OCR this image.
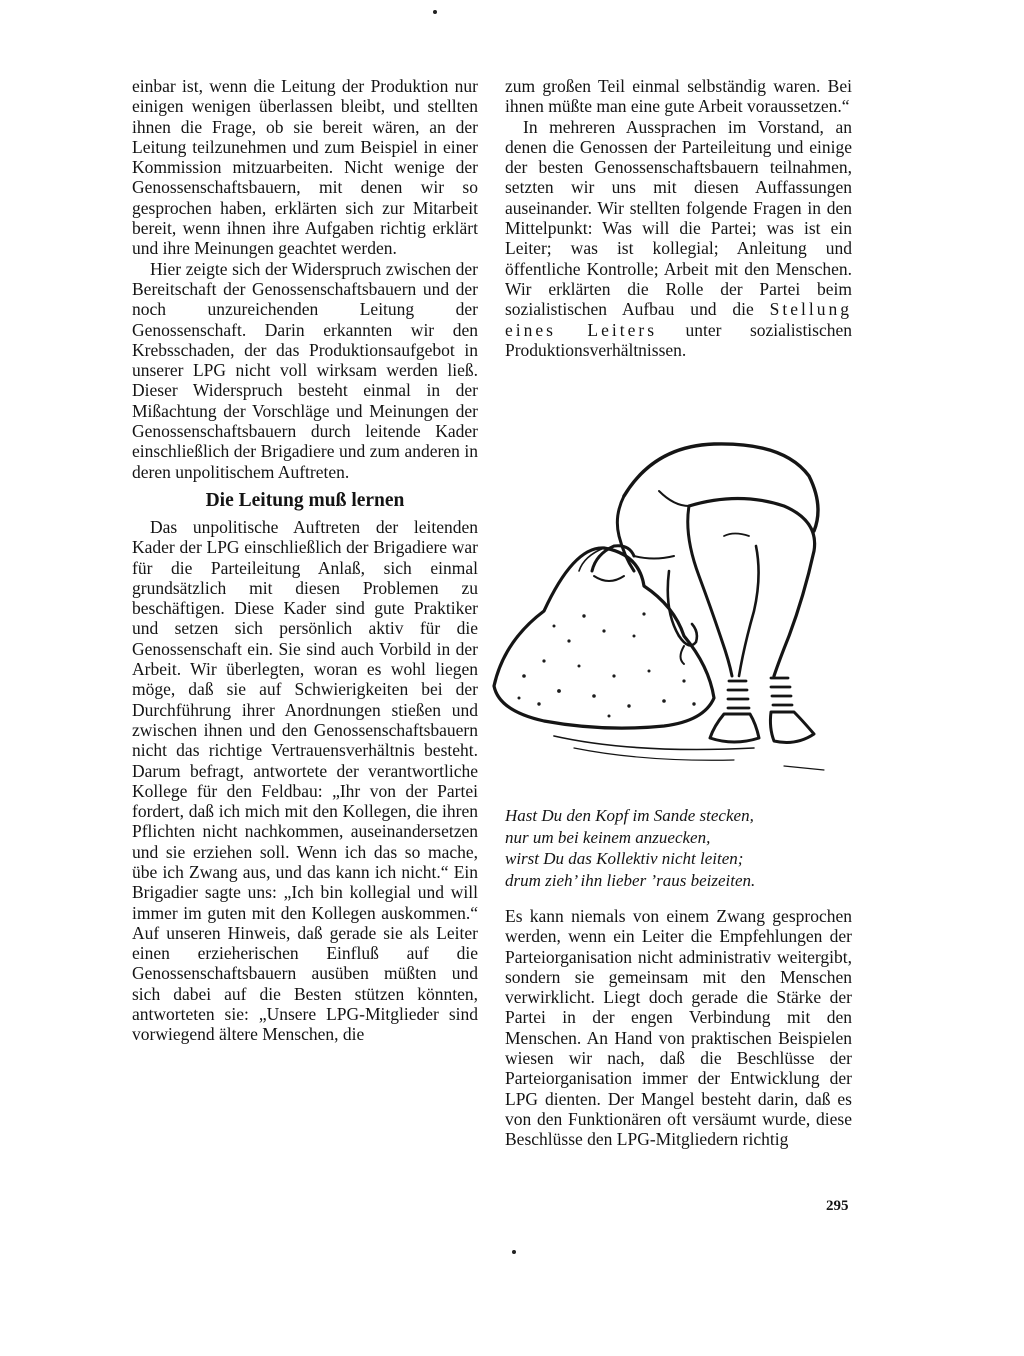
einbar ist, wenn die Leitung der Produktion nur einigen wenigen überlassen bleibt, und stellten ihnen die Frage, ob sie bereit wären, an der Leitung teilzunehmen und zum Beispiel in einer Kommission mitzuarbeiten. Nicht wenige der Genossenschaftsbauern, mit denen wir so gesprochen haben, erklärten sich zur Mitarbeit bereit, wenn ihnen ihre Aufgaben richtig erklärt und ihre Meinungen geachtet werden.

Hier zeigte sich der Widerspruch zwischen der Bereitschaft der Genossenschaftsbauern und der noch unzureichenden Leitung der Genossenschaft. Darin erkannten wir den Krebsschaden, der das Produktionsaufgebot in unserer LPG nicht voll wirksam werden ließ. Dieser Widerspruch besteht einmal in der Mißachtung der Vorschläge und Meinungen der Genossenschaftsbauern durch leitende Kader einschließlich der Brigadiere und zum anderen in deren unpolitischem Auftreten.

Die Leitung muß lernen

Das unpolitische Auftreten der leitenden Kader der LPG einschließlich der Brigadiere war für die Parteileitung Anlaß, sich einmal grundsätzlich mit diesen Problemen zu beschäftigen. Diese Kader sind gute Praktiker und setzen sich persönlich aktiv für die Genossenschaft ein. Sie sind auch Vorbild in der Arbeit. Wir überlegten, woran es wohl liegen möge, daß sie auf Schwierigkeiten bei der Durchführung ihrer Anordnungen stießen und zwischen ihnen und den Genossenschaftsbauern nicht das richtige Vertrauensverhältnis besteht. Darum befragt, antwortete der verantwortliche Kollege für den Feldbau: „Ihr von der Partei fordert, daß ich mich mit den Kollegen, die ihren Pflichten nicht nachkommen, auseinandersetzen und sie erziehen soll. Wenn ich das so mache, übe ich Zwang aus, und das kann ich nicht.“ Ein Brigadier sagte uns: „Ich bin kollegial und will immer im guten mit den Kollegen auskommen.“ Auf unseren Hinweis, daß gerade sie als Leiter einen erzieherischen Einfluß auf die Genossenschaftsbauern ausüben müßten und sich dabei auf die Besten stützen könnten, antworteten sie: „Unsere LPG-Mitglieder sind vorwiegend ältere Menschen, die

zum großen Teil einmal selbständig waren. Bei ihnen müßte man eine gute Arbeit voraussetzen.“

In mehreren Aussprachen im Vorstand, an denen die Genossen der Parteileitung und einige der besten Genossenschaftsbauern teilnahmen, setzten wir uns mit diesen Auffassungen auseinander. Wir stellten folgende Fragen in den Mittelpunkt: Was will die Partei; was ist ein Leiter; was ist kollegial; Anleitung und öffentliche Kontrolle; Arbeit mit den Menschen. Wir erklärten die Rolle der Partei beim sozialistischen Aufbau und die Stellung eines Leiters unter sozialistischen Produktionsverhältnissen.

Hast Du den Kopf im Sande stecken,
nur um bei keinem anzuecken,
wirst Du das Kollektiv nicht leiten;
drum zieh’ ihn lieber ’raus beizeiten.

Es kann niemals von einem Zwang gesprochen werden, wenn ein Leiter die Empfehlungen der Parteiorganisation nicht administrativ weitergibt, sondern sie gemeinsam mit den Menschen verwirklicht. Liegt doch gerade die Stärke der Partei in der engen Verbindung mit den Menschen. An Hand von praktischen Beispielen wiesen wir nach, daß die Beschlüsse der Parteiorganisation immer der Entwicklung der LPG dienten. Der Mangel besteht darin, daß es von den Funktionären oft versäumt wurde, diese Beschlüsse den LPG-Mitgliedern richtig

295
